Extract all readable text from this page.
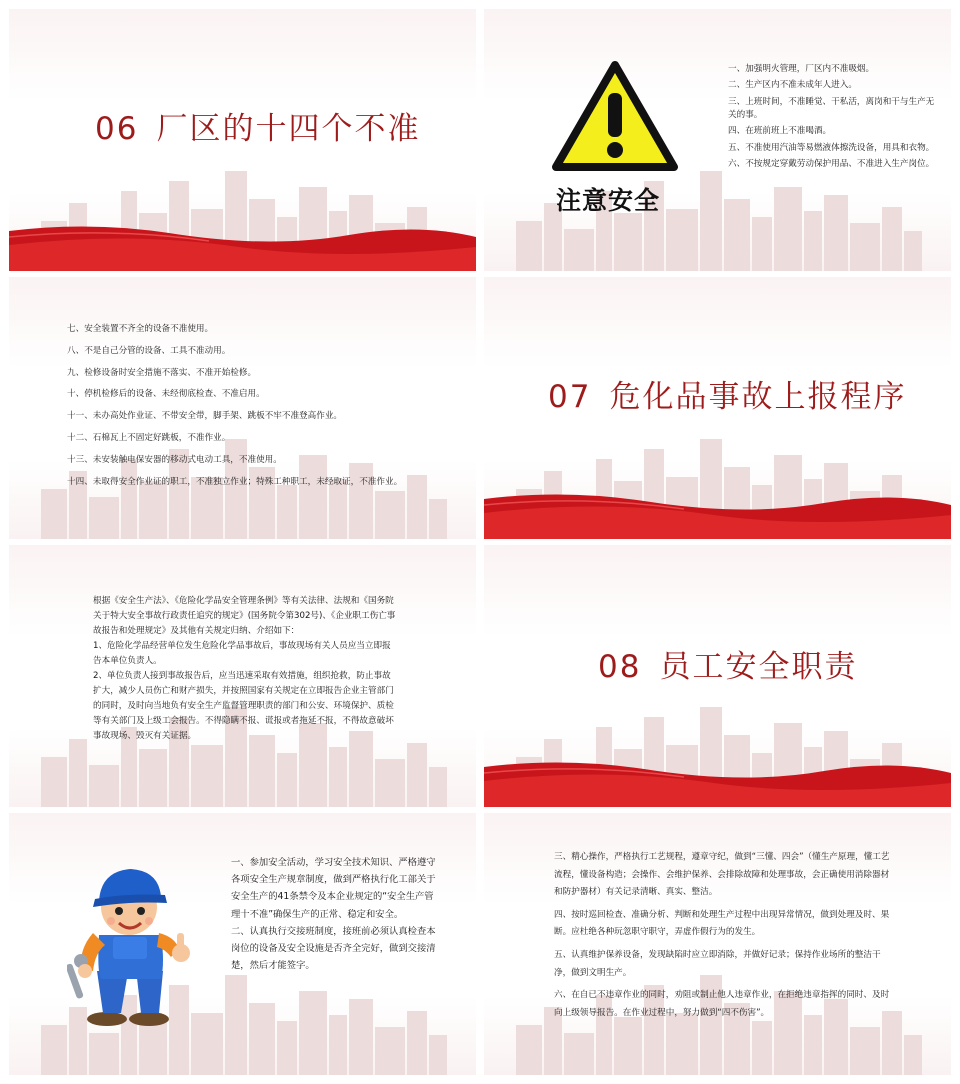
06 厂区的十四个不准
注意安全

一、加强明火管理，厂区内不准吸烟。

二、生产区内不准未成年人进入。

三、上班时间，不准睡觉、干私活，离岗和干与生产无关的事。

四、在班前班上不准喝酒。

五、不准使用汽油等易燃液体擦洗设备，用具和衣物。

六、不按规定穿戴劳动保护用品、不准进入生产岗位。

七、安全装置不齐全的设备不准使用。

八、不是自己分管的设备、工具不准动用。

九、检修设备时安全措施不落实、不准开始检修。

十、停机检修后的设备、未经彻底检查、不准启用。

十一、未办高处作业证、不带安全带，脚手架、跳板不牢不准登高作业。

十二、石棉瓦上不固定好跳板，不准作业。

十三、未安装触电保安器的移动式电动工具，不准使用。

十四、未取得安全作业证的职工，不准独立作业；特殊工种职工，未经取证，不准作业。

07 危化品事故上报程序

根据《安全生产法》、《危险化学品安全管理条例》等有关法律、法规和《国务院关于特大安全事故行政责任追究的规定》(国务院令第302号)、《企业职工伤亡事故报告和处理规定》及其他有关规定归纳、介绍如下：

1、危险化学品经营单位发生危险化学品事故后，事故现场有关人员应当立即报告本单位负责人。

2、单位负责人接到事故报告后，应当迅速采取有效措施，组织抢救，防止事故扩大，减少人员伤亡和财产损失，并按照国家有关规定在立即报告企业主管部门的同时，及时向当地负有安全生产监督管理职责的部门和公安、环境保护、质检等有关部门及上级工会报告。不得隐瞒不报、谎报或者拖延不报，不得故意破坏事故现场、毁灭有关证据。

08 员工安全职责

一、参加安全活动，学习安全技术知识、严格遵守各项安全生产规章制度，做到严格执行化工部关于安全生产的41条禁令及本企业规定的“安全生产管理十不准”确保生产的正常、稳定和安全。

二、认真执行交接班制度，接班前必须认真检查本岗位的设备及安全设施是否齐全完好，做到交接清楚，然后才能签字。

三、精心操作，严格执行工艺规程，遵章守纪，做到“三懂、四会”（懂生产原理，懂工艺流程，懂设备构造；会操作、会维护保养、会排除故障和处理事故，会正确使用消除器材和防护器材）有关记录清晰、真实、整洁。

四、按时巡回检查、准确分析、判断和处理生产过程中出现异常情况，做到处理及时、果断。应杜绝各种玩忽职守职守，弄虚作假行为的发生。

五、认真维护保养设备，发现缺陷时应立即消除，并做好记录；保持作业场所的整洁干净，做到文明生产。

六、在自已不违章作业的同时，劝阻或制止他人违章作业，在拒绝违章指挥的同时、及时向上级领导报告。在作业过程中，努力做到“四不伤害”。
